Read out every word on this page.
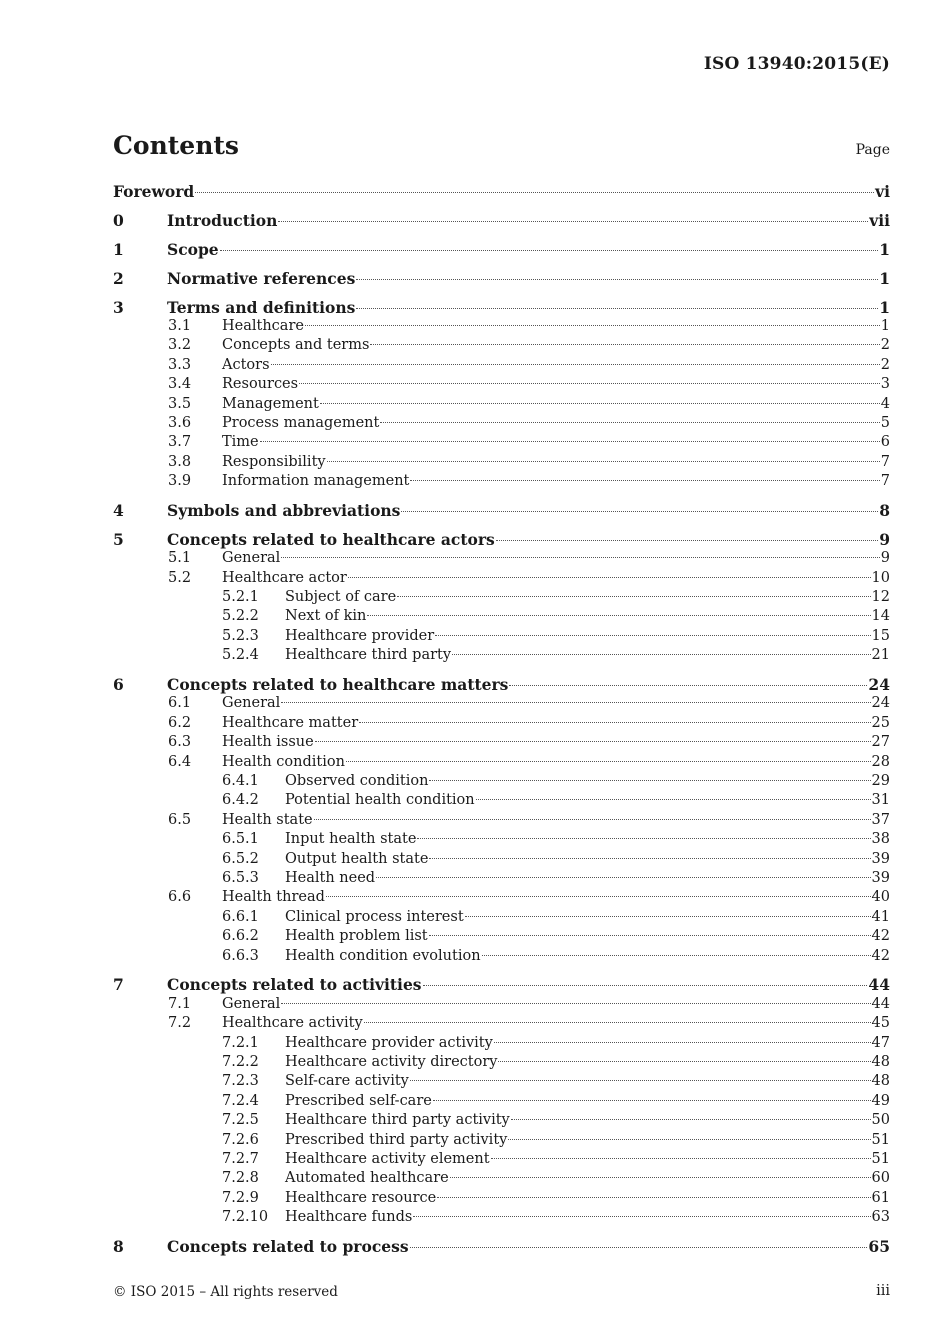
ISO 13940:2015(E)
Contents	Page
Foreword	vi
0	Introduction	vii
1	Scope	1
2	Normative references	1
3	Terms and definitions	1
3.1 Healthcare	1
3.2 Concepts and terms	2
3.3 Actors	2
3.4 Resources	3
3.5 Management	4
3.6 Process management	5
3.7 Time	6
3.8 Responsibility	7
3.9 Information management	7
4	Symbols and abbreviations	8
5	Concepts related to healthcare actors	9
5.1 General	9
5.2 Healthcare actor	10
5.2.1 Subject of care	12
5.2.2 Next of kin	14
5.2.3 Healthcare provider	15
5.2.4 Healthcare third party	21
6	Concepts related to healthcare matters	24
6.1 General	24
6.2 Healthcare matter	25
6.3 Health issue	27
6.4 Health condition	28
6.4.1 Observed condition	29
6.4.2 Potential health condition	31
6.5 Health state	37
6.5.1 Input health state	38
6.5.2 Output health state	39
6.5.3 Health need	39
6.6 Health thread	40
6.6.1 Clinical process interest	41
6.6.2 Health problem list	42
6.6.3 Health condition evolution	42
7	Concepts related to activities	44
7.1 General	44
7.2 Healthcare activity	45
7.2.1 Healthcare provider activity	47
7.2.2 Healthcare activity directory	48
7.2.3 Self-care activity	48
7.2.4 Prescribed self-care	49
7.2.5 Healthcare third party activity	50
7.2.6 Prescribed third party activity	51
7.2.7 Healthcare activity element	51
7.2.8 Automated healthcare	60
7.2.9 Healthcare resource	61
7.2.10 Healthcare funds	63
8	Concepts related to process	65
© ISO 2015 – All rights reserved	iii
